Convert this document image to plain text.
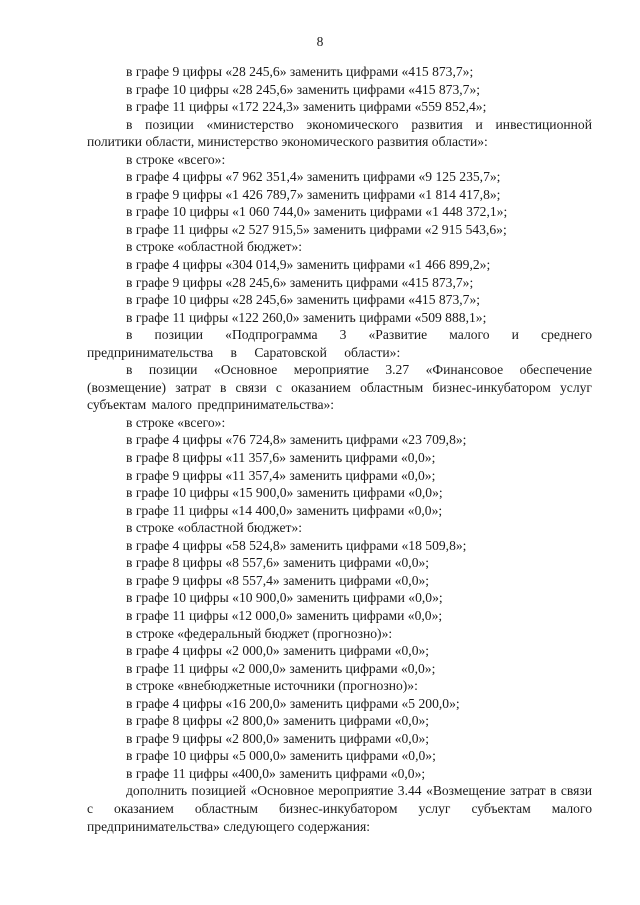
8

в графе 9 цифры «28 245,6» заменить цифрами «415 873,7»;

в графе 10 цифры «28 245,6» заменить цифрами «415 873,7»;

в графе 11 цифры «172 224,3» заменить цифрами «559 852,4»;

в позиции «министерство экономического развития и инвестиционной политики области, министерство экономического развития области»:

в строке «всего»:

в графе 4 цифры «7 962 351,4» заменить цифрами «9 125 235,7»;

в графе 9 цифры «1 426 789,7» заменить цифрами «1 814 417,8»;

в графе 10 цифры «1 060 744,0» заменить цифрами «1 448 372,1»;

в графе 11 цифры «2 527 915,5» заменить цифрами «2 915 543,6»;

в строке «областной бюджет»:

в графе 4 цифры «304 014,9» заменить цифрами «1 466 899,2»;

в графе 9 цифры «28 245,6» заменить цифрами «415 873,7»;

в графе 10 цифры «28 245,6» заменить цифрами «415 873,7»;

в графе 11 цифры «122 260,0» заменить цифрами «509 888,1»;

в позиции «Подпрограмма 3 «Развитие малого и среднего предпринимательства в Саратовской области»:

в позиции «Основное мероприятие 3.27 «Финансовое обеспечение (возмещение) затрат в связи с оказанием областным бизнес-инкубатором услуг субъектам малого предпринимательства»:

в строке «всего»:

в графе 4 цифры «76 724,8» заменить цифрами «23 709,8»;

в графе 8 цифры «11 357,6» заменить цифрами «0,0»;

в графе 9 цифры «11 357,4» заменить цифрами «0,0»;

в графе 10 цифры «15 900,0» заменить цифрами «0,0»;

в графе 11 цифры «14 400,0» заменить цифрами «0,0»;

в строке «областной бюджет»:

в графе 4 цифры «58 524,8» заменить цифрами «18 509,8»;

в графе 8 цифры «8 557,6» заменить цифрами «0,0»;

в графе 9 цифры «8 557,4» заменить цифрами «0,0»;

в графе 10 цифры «10 900,0» заменить цифрами «0,0»;

в графе 11 цифры «12 000,0» заменить цифрами «0,0»;

в строке «федеральный бюджет (прогнозно)»:

в графе 4 цифры «2 000,0» заменить цифрами «0,0»;

в графе 11 цифры «2 000,0» заменить цифрами «0,0»;

в строке «внебюджетные источники (прогнозно)»:

в графе 4 цифры «16 200,0» заменить цифрами «5 200,0»;

в графе 8 цифры «2 800,0» заменить цифрами «0,0»;

в графе 9 цифры «2 800,0» заменить цифрами «0,0»;

в графе 10 цифры «5 000,0» заменить цифрами «0,0»;

в графе 11 цифры «400,0» заменить цифрами «0,0»;

дополнить позицией «Основное мероприятие 3.44 «Возмещение затрат в связи с оказанием областным бизнес-инкубатором услуг субъектам малого предпринимательства» следующего содержания:
